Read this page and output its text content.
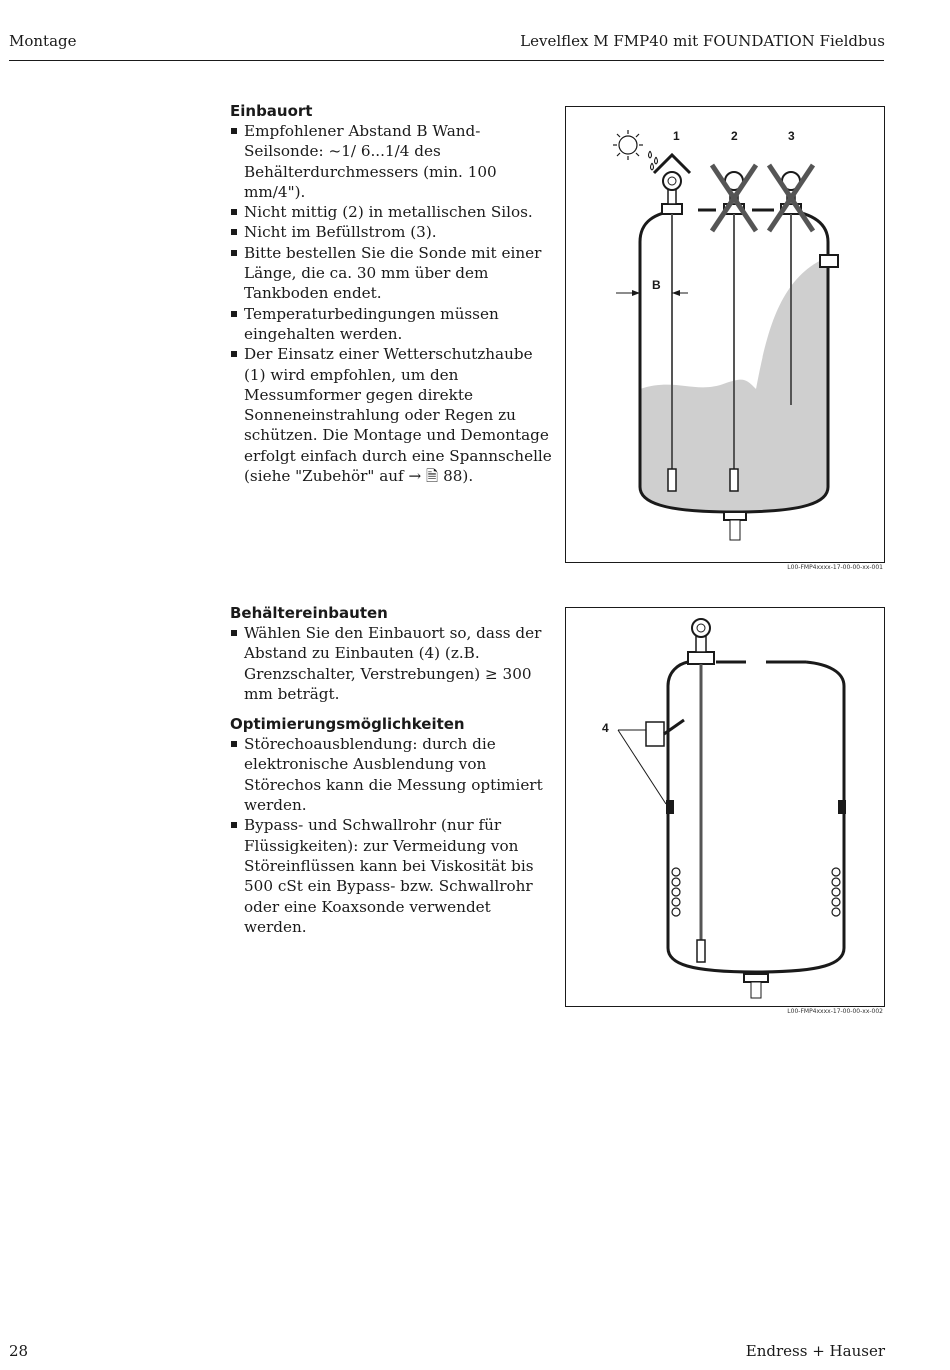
Montage	Levelflex M FMP40 mit FOUNDATION Fieldbus
Einbauort
Empfohlener Abstand B Wand-Seilsonde: ~1/ 6...1/4 des Behälterdurchmessers (min. 100 mm/4").
Nicht mittig (2) in metallischen Silos.
Nicht im Befüllstrom (3).
Bitte bestellen Sie die Sonde mit einer Länge, die ca. 30 mm über dem Tankboden endet.
Temperaturbedingungen müssen eingehalten werden.
Der Einsatz einer Wetterschutzhaube (1) wird empfohlen, um den Messumformer gegen direkte Sonneneinstrahlung oder Regen zu schützen. Die Montage und Demontage erfolgt einfach durch eine Spannschelle (siehe "Zubehör" auf → 🗎 88).
B
1	2	3
L00-FMP4xxxx-17-00-00-xx-001
Behältereinbauten
Wählen Sie den Einbauort so, dass der Abstand zu Einbauten (4) (z.B. Grenzschalter, Verstrebungen) ≥ 300 mm beträgt.
Optimierungsmöglichkeiten
Störechoausblendung: durch die elektronische Ausblendung von Störechos kann die Messung optimiert werden.
Bypass- und Schwallrohr (nur für Flüssigkeiten): zur Vermeidung von Störeinflüssen kann bei Viskosität bis 500 cSt ein Bypass- bzw. Schwallrohr oder eine Koaxsonde verwendet werden.
4
L00-FMP4xxxx-17-00-00-xx-002
28	Endress + Hauser
